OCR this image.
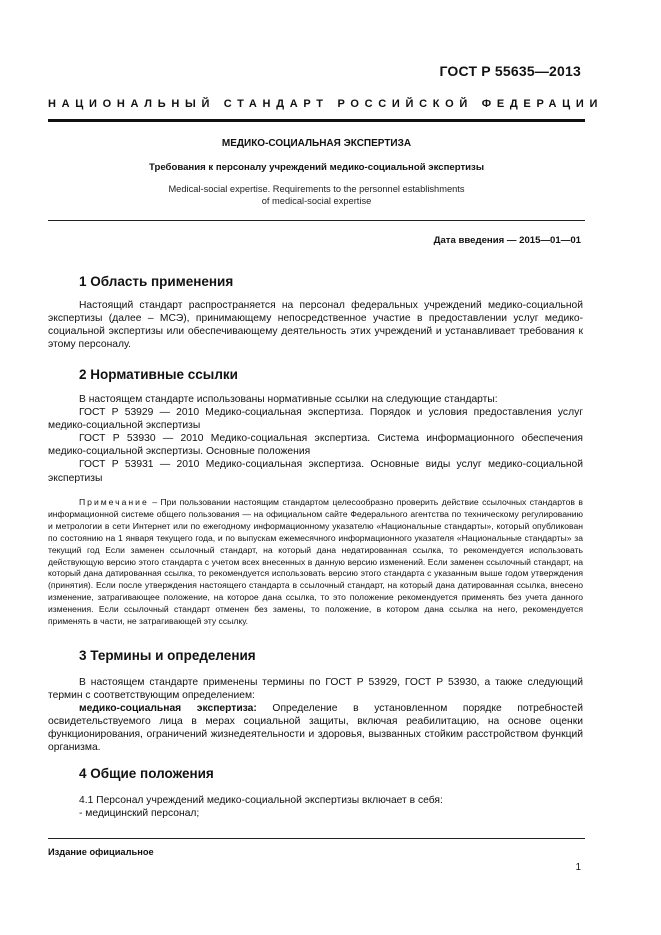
ГОСТ Р 55635—2013
НАЦИОНАЛЬНЫЙ СТАНДАРТ РОССИЙСКОЙ ФЕДЕРАЦИИ
МЕДИКО-СОЦИАЛЬНАЯ ЭКСПЕРТИЗА
Требования к персоналу учреждений медико-социальной экспертизы
Medical-social expertise. Requirements to the personnel establishments
of medical-social expertise
Дата введения — 2015—01—01
1 Область применения

Настоящий стандарт распространяется на персонал федеральных учреждений медико-социальной экспертизы (далее – МСЭ), принимающему непосредственное участие в предоставлении услуг медико-социальной экспертизы или обеспечивающему деятельность этих учреждений и устанавливает требования к этому персоналу.

2 Нормативные ссылки

В настоящем стандарте использованы нормативные ссылки на следующие стандарты:

ГОСТ Р 53929 — 2010 Медико-социальная экспертиза. Порядок и условия предоставления услуг медико-социальной экспертизы

ГОСТ Р 53930 — 2010 Медико-социальная экспертиза. Система информационного обеспечения медико-социальной экспертизы. Основные положения

ГОСТ Р 53931 — 2010 Медико-социальная экспертиза. Основные виды услуг медико-социальной экспертизы

Примечание – При пользовании настоящим стандартом целесообразно проверить действие ссылочных стандартов в информационной системе общего пользования — на официальном сайте Федерального агентства по техническому регулированию и метрологии в сети Интернет или по ежегодному информационному указателю «Национальные стандарты», который опубликован по состоянию на 1 января текущего года, и по выпускам ежемесячного информационного указателя «Национальные стандарты» за текущий год Если заменен ссылочный стандарт, на который дана недатированная ссылка, то рекомендуется использовать действующую версию этого стандарта с учетом всех внесенных в данную версию изменений. Если заменен ссылочный стандарт, на который дана датированная ссылка, то рекомендуется использовать версию этого стандарта с указанным выше годом утверждения (принятия). Если после утверждения настоящего стандарта в ссылочный стандарт, на который дана датированная ссылка, внесено изменение, затрагивающее положение, на которое дана ссылка, то это положение рекомендуется применять без учета данного изменения. Если ссылочный стандарт отменен без замены, то положение, в котором дана ссылка на него, рекомендуется применять в части, не затрагивающей эту ссылку.
3 Термины и определения

В настоящем стандарте применены термины по ГОСТ Р 53929, ГОСТ Р 53930, а также следующий термин с соответствующим определением:

медико-социальная экспертиза: Определение в установленном порядке потребностей освидетельствуемого лица в мерах социальной защиты, включая реабилитацию, на основе оценки функционирования, ограничений жизнедеятельности и здоровья, вызванных стойким расстройством функций организма.

4 Общие положения

4.1 Персонал учреждений медико-социальной экспертизы включает в себя:

- медицинский персонал;

Издание официальное
1
